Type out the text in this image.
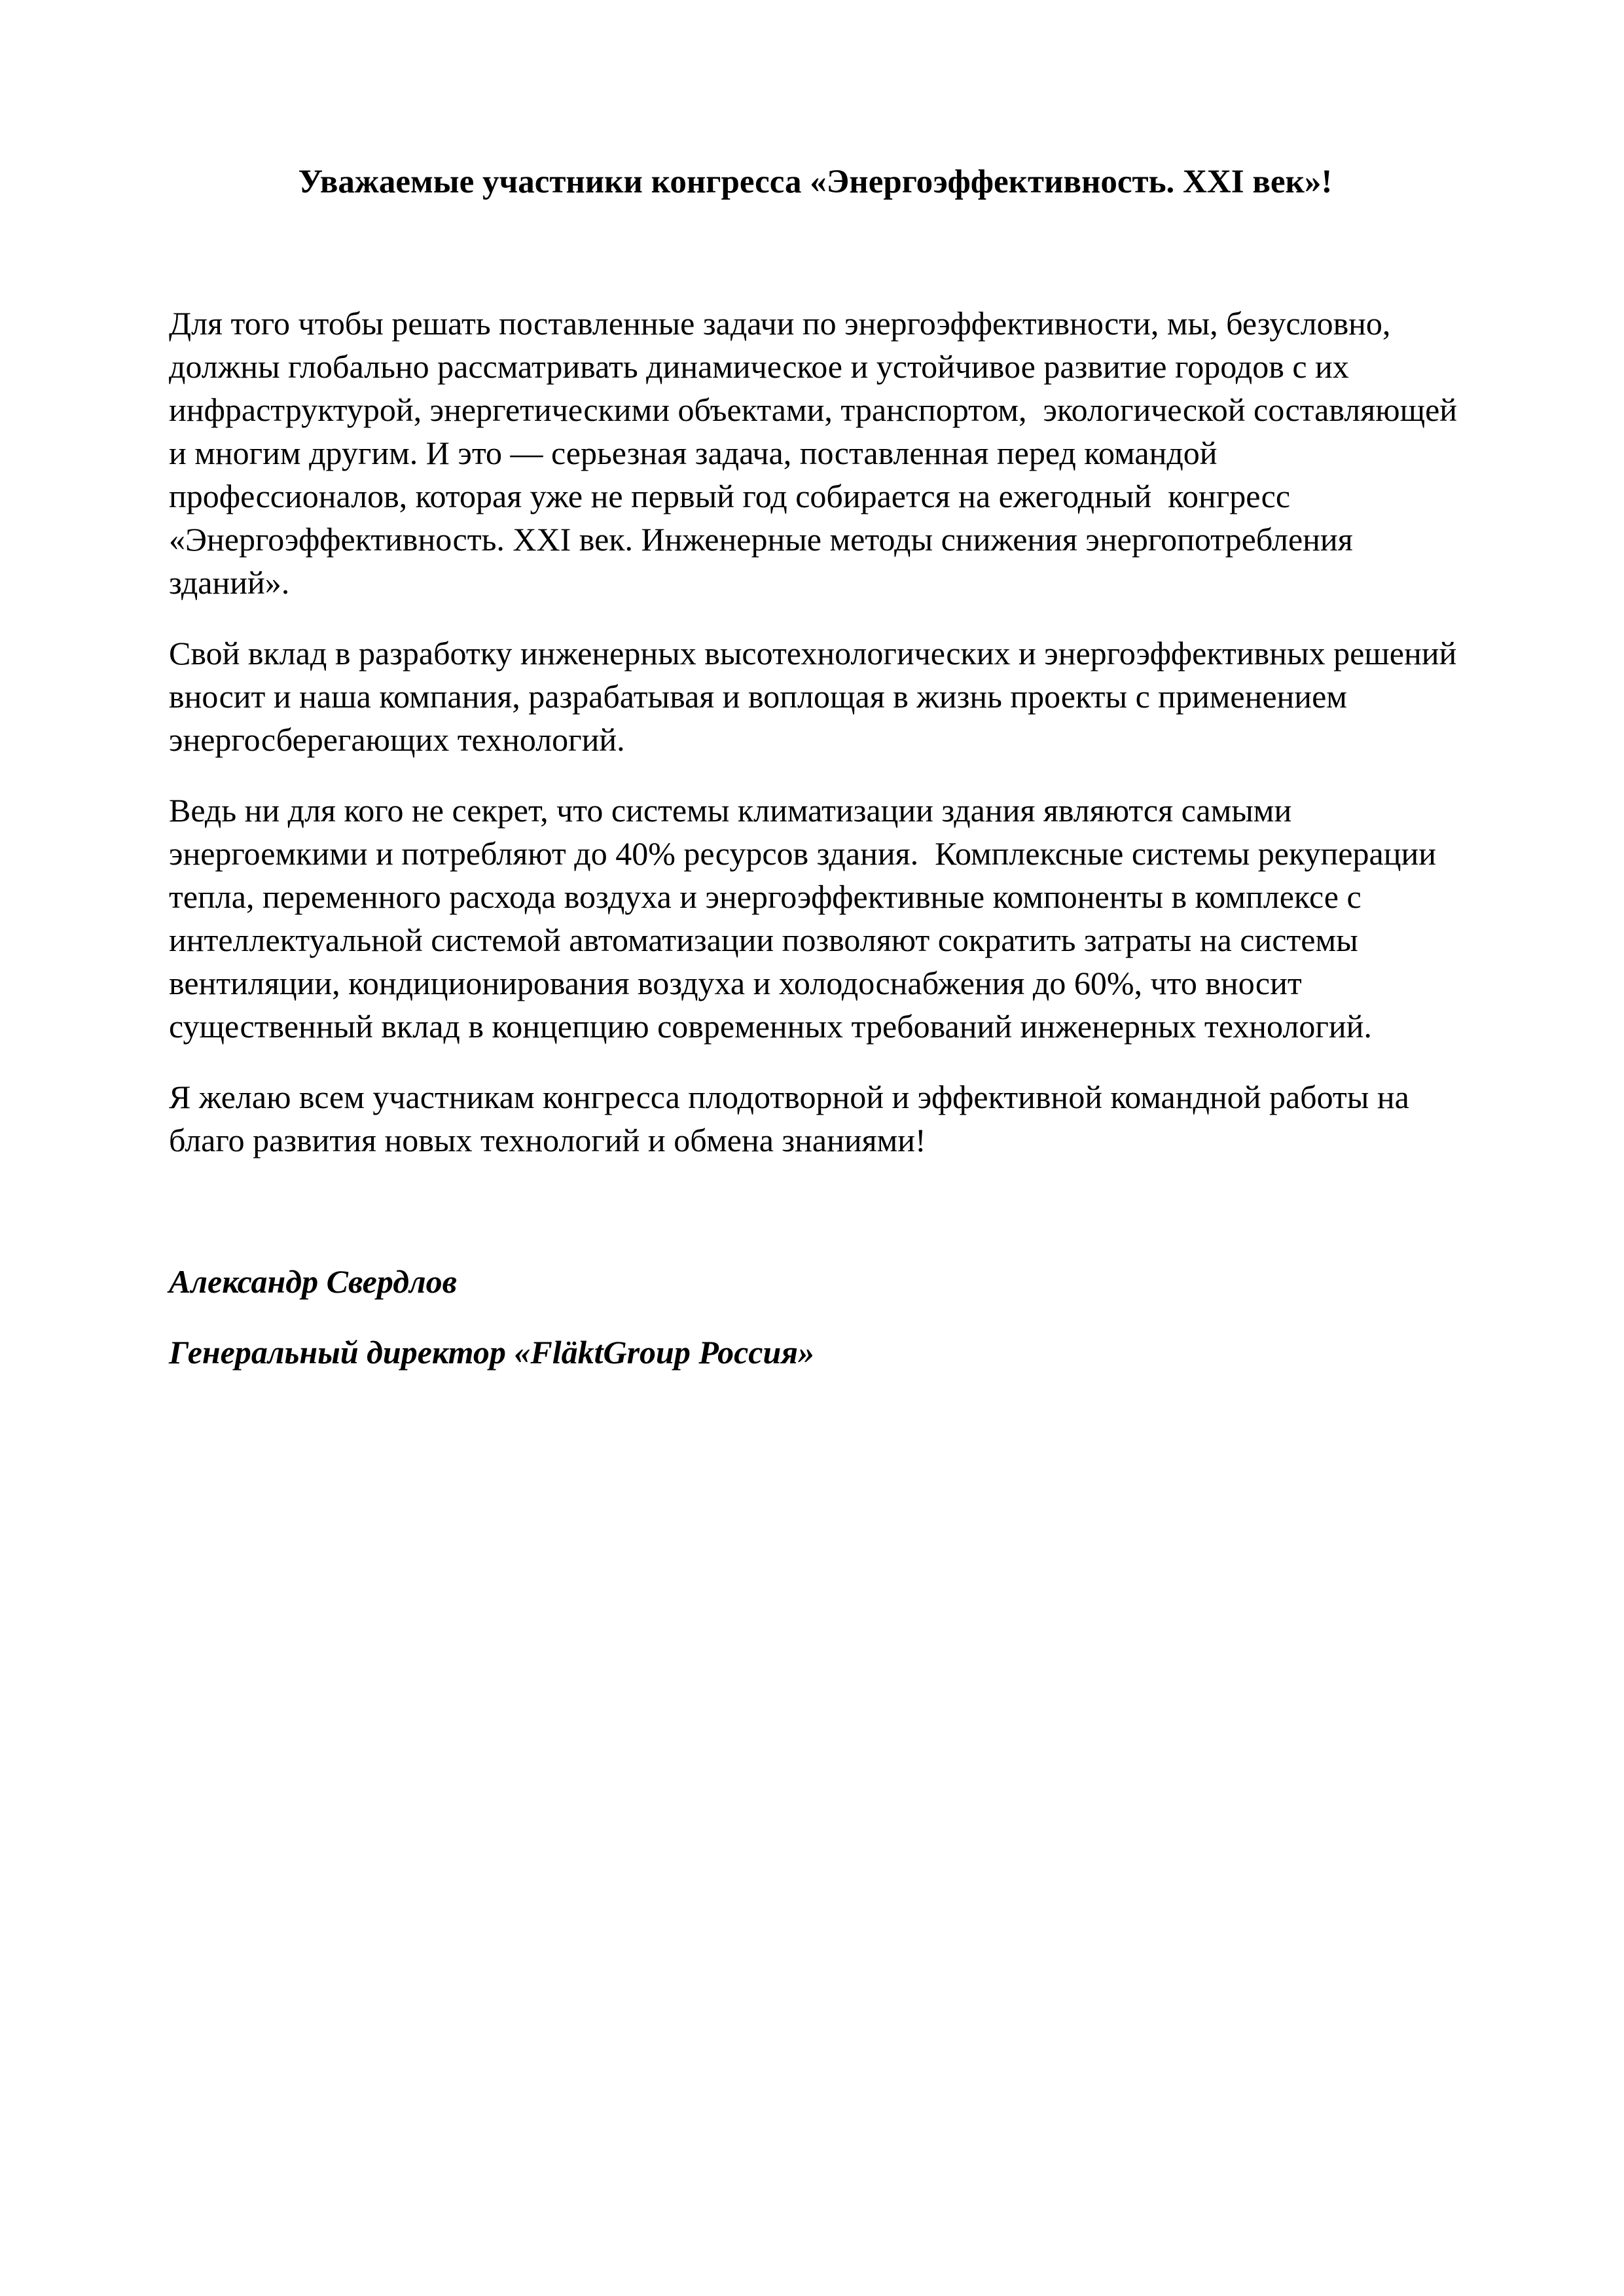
Уважаемые участники конгресса «Энергоэффективность. XXI век»!

Для того чтобы решать поставленные задачи по энергоэффективности, мы, безусловно, должны глобально рассматривать динамическое и устойчивое развитие городов с их инфраструктурой, энергетическими объектами, транспортом,  экологической составляющей и многим другим. И это — серьезная задача, поставленная перед командой профессионалов, которая уже не первый год собирается на ежегодный  конгресс «Энергоэффективность. XXI век. Инженерные методы снижения энергопотребления зданий».

Свой вклад в разработку инженерных высотехнологических и энергоэффективных решений вносит и наша компания, разрабатывая и воплощая в жизнь проекты с применением энергосберегающих технологий.

Ведь ни для кого не секрет, что системы климатизации здания являются самыми энергоемкими и потребляют до 40% ресурсов здания.  Комплексные системы рекуперации тепла, переменного расхода воздуха и энергоэффективные компоненты в комплексе с интеллектуальной системой автоматизации позволяют сократить затраты на системы вентиляции, кондиционирования воздуха и холодоснабжения до 60%, что вносит существенный вклад в концепцию современных требований инженерных технологий.

Я желаю всем участникам конгресса плодотворной и эффективной командной работы на благо развития новых технологий и обмена знаниями!

Александр Свердлов

Генеральный директор «FläktGroup Россия»
